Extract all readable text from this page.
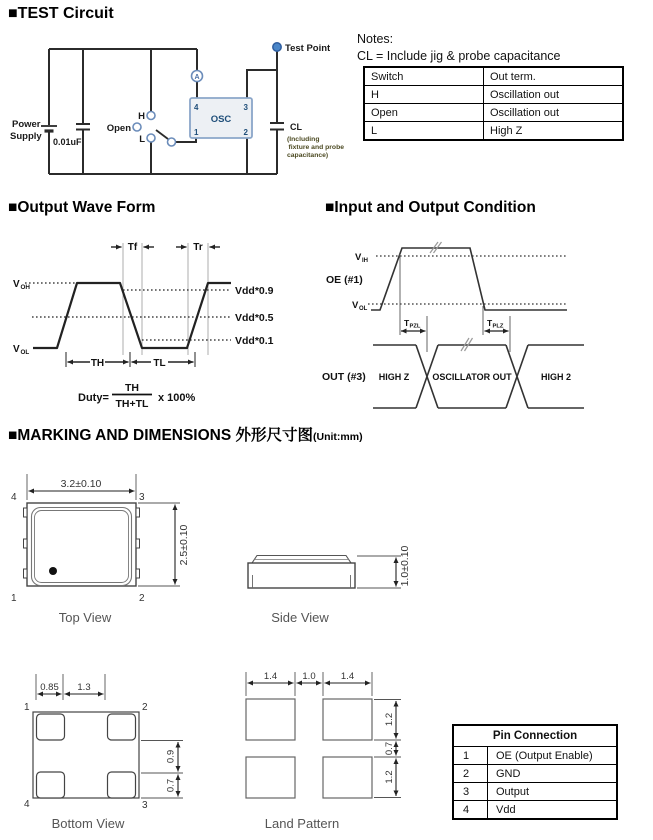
■TEST Circuit
A
4	3
1	2
OSC
Power
Supply 0.01uF
H
Open
L
Test Point
CL
(Including
fixture and probe
capacitance)
Notes:
CL = Include jig & probe capacitance
Switch	Out term.
H	Oscillation out
Open	Oscillation out
L	High Z
■Output Wave Form
Tf	Tr
V OH
V OL
Vdd*0.9
Vdd*0.5
Vdd*0.1
TH	TL
Duty=
TH
TH+TL x 100%
■Input and Output Condition
V IH
OE (#1)
V OL
T PZL	T PLZ
OUT (#3) HIGH Z	OSCILLATOR OUT	HIGH 2
■MARKING AND DIMENSIONS 外形尺寸图(Unit:mm)
4	3
1	2
3.2±0.10
2.5±0.10
Top View
1.0±0.10
Side View
1	2
4	3
0.85 1.3
0.9
0.7
Bottom View
1.4	1.0	1.4
1.2
0.7
1.2
Land Pattern
Pin Connection	
1	OE (Output Enable)
2	GND
3	Output
4	Vdd
